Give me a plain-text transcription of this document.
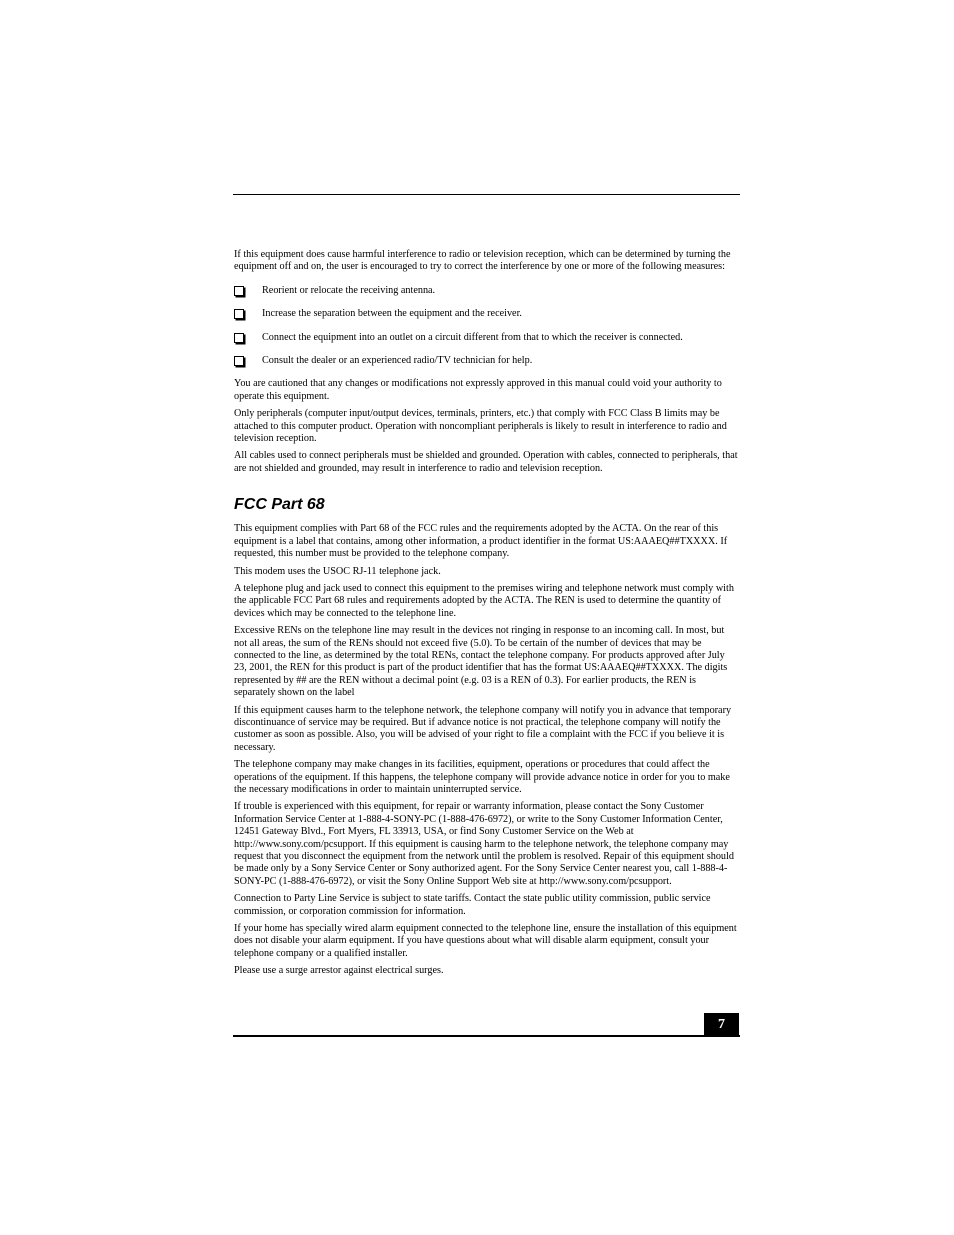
If this equipment does cause harmful interference to radio or television reception, which can be determined by turning the equipment off and on, the user is encouraged to try to correct the interference by one or more of the following measures:

Reorient or relocate the receiving antenna.
Increase the separation between the equipment and the receiver.
Connect the equipment into an outlet on a circuit different from that to which the receiver is connected.
Consult the dealer or an experienced radio/TV technician for help.

You are cautioned that any changes or modifications not expressly approved in this manual could void your authority to operate this equipment.

Only peripherals (computer input/output devices, terminals, printers, etc.) that comply with FCC Class B limits may be attached to this computer product. Operation with noncompliant peripherals is likely to result in interference to radio and television reception.

All cables used to connect peripherals must be shielded and grounded. Operation with cables, connected to peripherals, that are not shielded and grounded, may result in interference to radio and television reception.

FCC Part 68

This equipment complies with Part 68 of the FCC rules and the requirements adopted by the ACTA. On the rear of this equipment is a label that contains, among other information, a product identifier in the format US:AAAEQ##TXXXX. If requested, this number must be provided to the telephone company.

This modem uses the USOC RJ-11 telephone jack.

A telephone plug and jack used to connect this equipment to the premises wiring and telephone network must comply with the applicable FCC Part 68 rules and requirements adopted by the ACTA. The REN is used to determine the quantity of devices which may be connected to the telephone line.

Excessive RENs on the telephone line may result in the devices not ringing in response to an incoming call. In most, but not all areas, the sum of the RENs should not exceed five (5.0). To be certain of the number of devices that may be connected to the line, as determined by the total RENs, contact the telephone company. For products approved after July 23, 2001, the REN for this product is part of the product identifier that has the format US:AAAEQ##TXXXX. The digits represented by ## are the REN without a decimal point (e.g. 03 is a REN of 0.3). For earlier products, the REN is separately shown on the label

If this equipment causes harm to the telephone network, the telephone company will notify you in advance that temporary discontinuance of service may be required. But if advance notice is not practical, the telephone company will notify the customer as soon as possible. Also, you will be advised of your right to file a complaint with the FCC if you believe it is necessary.

The telephone company may make changes in its facilities, equipment, operations or procedures that could affect the operations of the equipment. If this happens, the telephone company will provide advance notice in order for you to make the necessary modifications in order to maintain uninterrupted service.

If trouble is experienced with this equipment, for repair or warranty information, please contact the Sony Customer Information Service Center at 1-888-4-SONY-PC (1-888-476-6972), or write to the Sony Customer Information Center, 12451 Gateway Blvd., Fort Myers, FL 33913, USA, or find Sony Customer Service on the Web at http://www.sony.com/pcsupport. If this equipment is causing harm to the telephone network, the telephone company may request that you disconnect the equipment from the network until the problem is resolved. Repair of this equipment should be made only by a Sony Service Center or Sony authorized agent. For the Sony Service Center nearest you, call 1-888-4-SONY-PC (1-888-476-6972), or visit the Sony Online Support Web site at http://www.sony.com/pcsupport.

Connection to Party Line Service is subject to state tariffs. Contact the state public utility commission, public service commission, or corporation commission for information.

If your home has specially wired alarm equipment connected to the telephone line, ensure the installation of this equipment does not disable your alarm equipment. If you have questions about what will disable alarm equipment, consult your telephone company or a qualified installer.

Please use a surge arrestor against electrical surges.

7
